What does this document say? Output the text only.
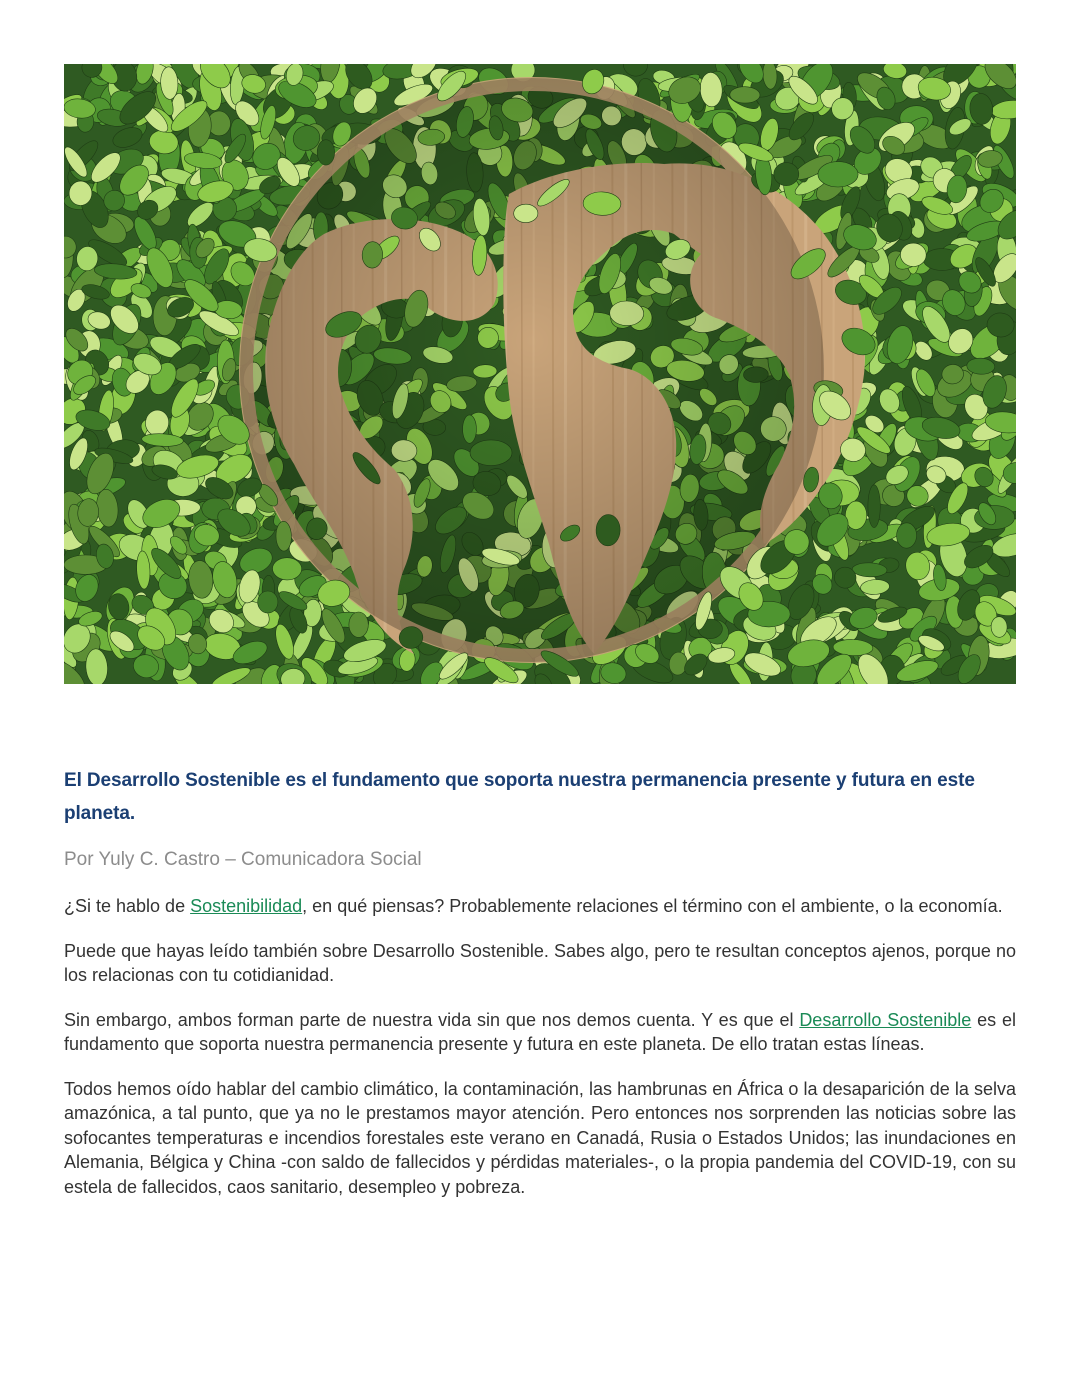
El Desarrollo Sostenible es el fundamento que soporta nuestra permanencia presente y futura en este planeta.

Por Yuly C. Castro – Comunicadora Social

¿Si te hablo de Sostenibilidad, en qué piensas? Probablemente relaciones el término con el ambiente, o la economía.

Puede que hayas leído también sobre Desarrollo Sostenible. Sabes algo, pero te resultan conceptos ajenos, porque no los relacionas con tu cotidianidad.

Sin embargo, ambos forman parte de nuestra vida sin que nos demos cuenta. Y es que el Desarrollo Sostenible es el fundamento que soporta nuestra permanencia presente y futura en este planeta. De ello tratan estas líneas.

Todos hemos oído hablar del cambio climático, la contaminación, las hambrunas en África o la desaparición de la selva amazónica, a tal punto, que ya no le prestamos mayor atención. Pero entonces nos sorprenden las noticias sobre las sofocantes temperaturas e incendios forestales este verano en Canadá, Rusia o Estados Unidos; las inundaciones en Alemania, Bélgica y China -con saldo de fallecidos y pérdidas materiales-, o la propia pandemia del COVID-19, con su estela de fallecidos, caos sanitario, desempleo y pobreza.
